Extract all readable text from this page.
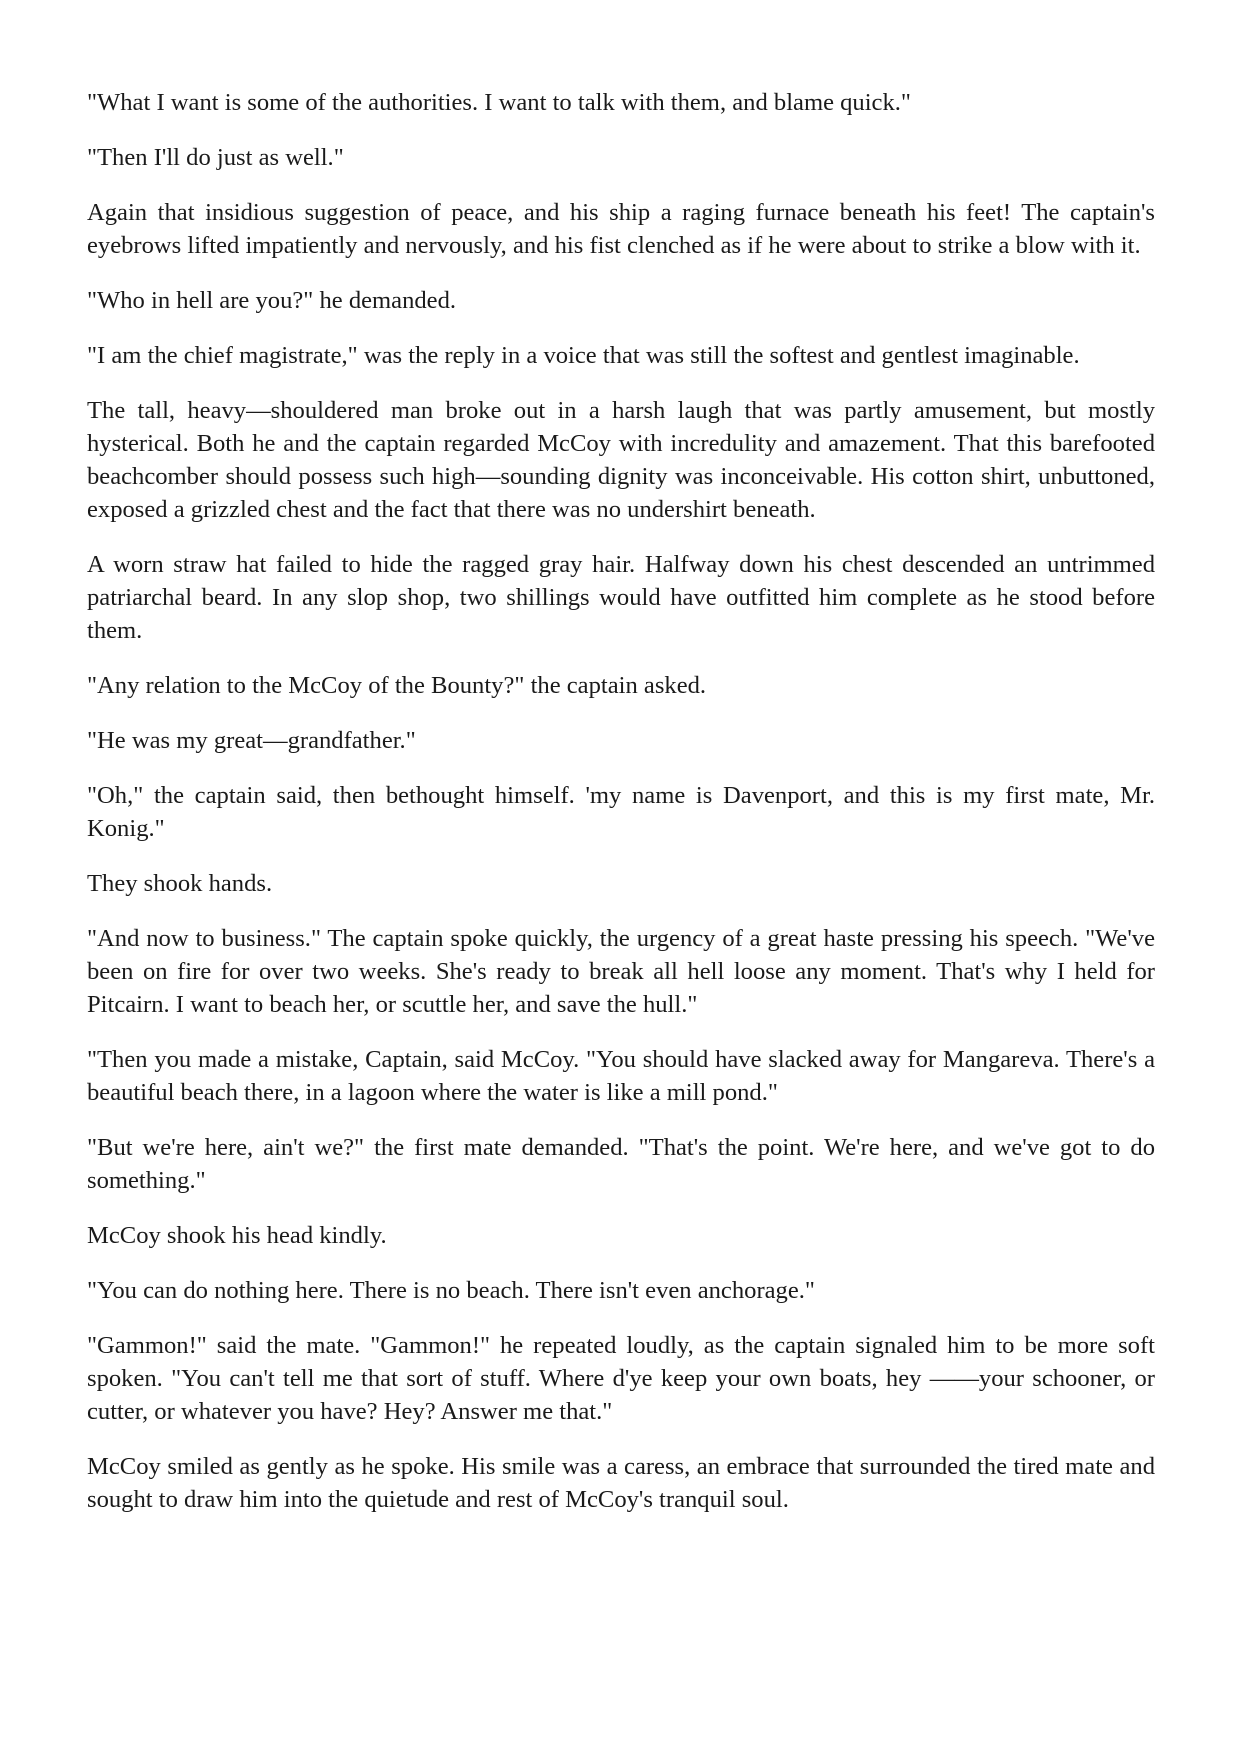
"What I want is some of the authorities. I want to talk with them, and blame quick."

"Then I'll do just as well."

Again that insidious suggestion of peace, and his ship a raging furnace beneath his feet! The captain's eyebrows lifted impatiently and nervously, and his fist clenched as if he were about to strike a blow with it.

"Who in hell are you?" he demanded.

"I am the chief magistrate," was the reply in a voice that was still the softest and gentlest imaginable.

The tall, heavy—shouldered man broke out in a harsh laugh that was partly amusement, but mostly hysterical. Both he and the captain regarded McCoy with incredulity and amazement. That this barefooted beachcomber should possess such high—sounding dignity was inconceivable. His cotton shirt, unbuttoned, exposed a grizzled chest and the fact that there was no undershirt beneath.

A worn straw hat failed to hide the ragged gray hair. Halfway down his chest descended an untrimmed patriarchal beard. In any slop shop, two shillings would have outfitted him complete as he stood before them.

"Any relation to the McCoy of the Bounty?" the captain asked.

"He was my great—grandfather."

"Oh," the captain said, then bethought himself. 'my name is Davenport, and this is my first mate, Mr. Konig."

They shook hands.

"And now to business." The captain spoke quickly, the urgency of a great haste pressing his speech. "We've been on fire for over two weeks. She's ready to break all hell loose any moment. That's why I held for Pitcairn. I want to beach her, or scuttle her, and save the hull."

"Then you made a mistake, Captain, said McCoy. "You should have slacked away for Mangareva. There's a beautiful beach there, in a lagoon where the water is like a mill pond."

"But we're here, ain't we?" the first mate demanded. "That's the point. We're here, and we've got to do something."

McCoy shook his head kindly.

"You can do nothing here. There is no beach. There isn't even anchorage."

"Gammon!" said the mate. "Gammon!" he repeated loudly, as the captain signaled him to be more soft spoken. "You can't tell me that sort of stuff. Where d'ye keep your own boats, hey ——your schooner, or cutter, or whatever you have? Hey? Answer me that."

McCoy smiled as gently as he spoke. His smile was a caress, an embrace that surrounded the tired mate and sought to draw him into the quietude and rest of McCoy's tranquil soul.
